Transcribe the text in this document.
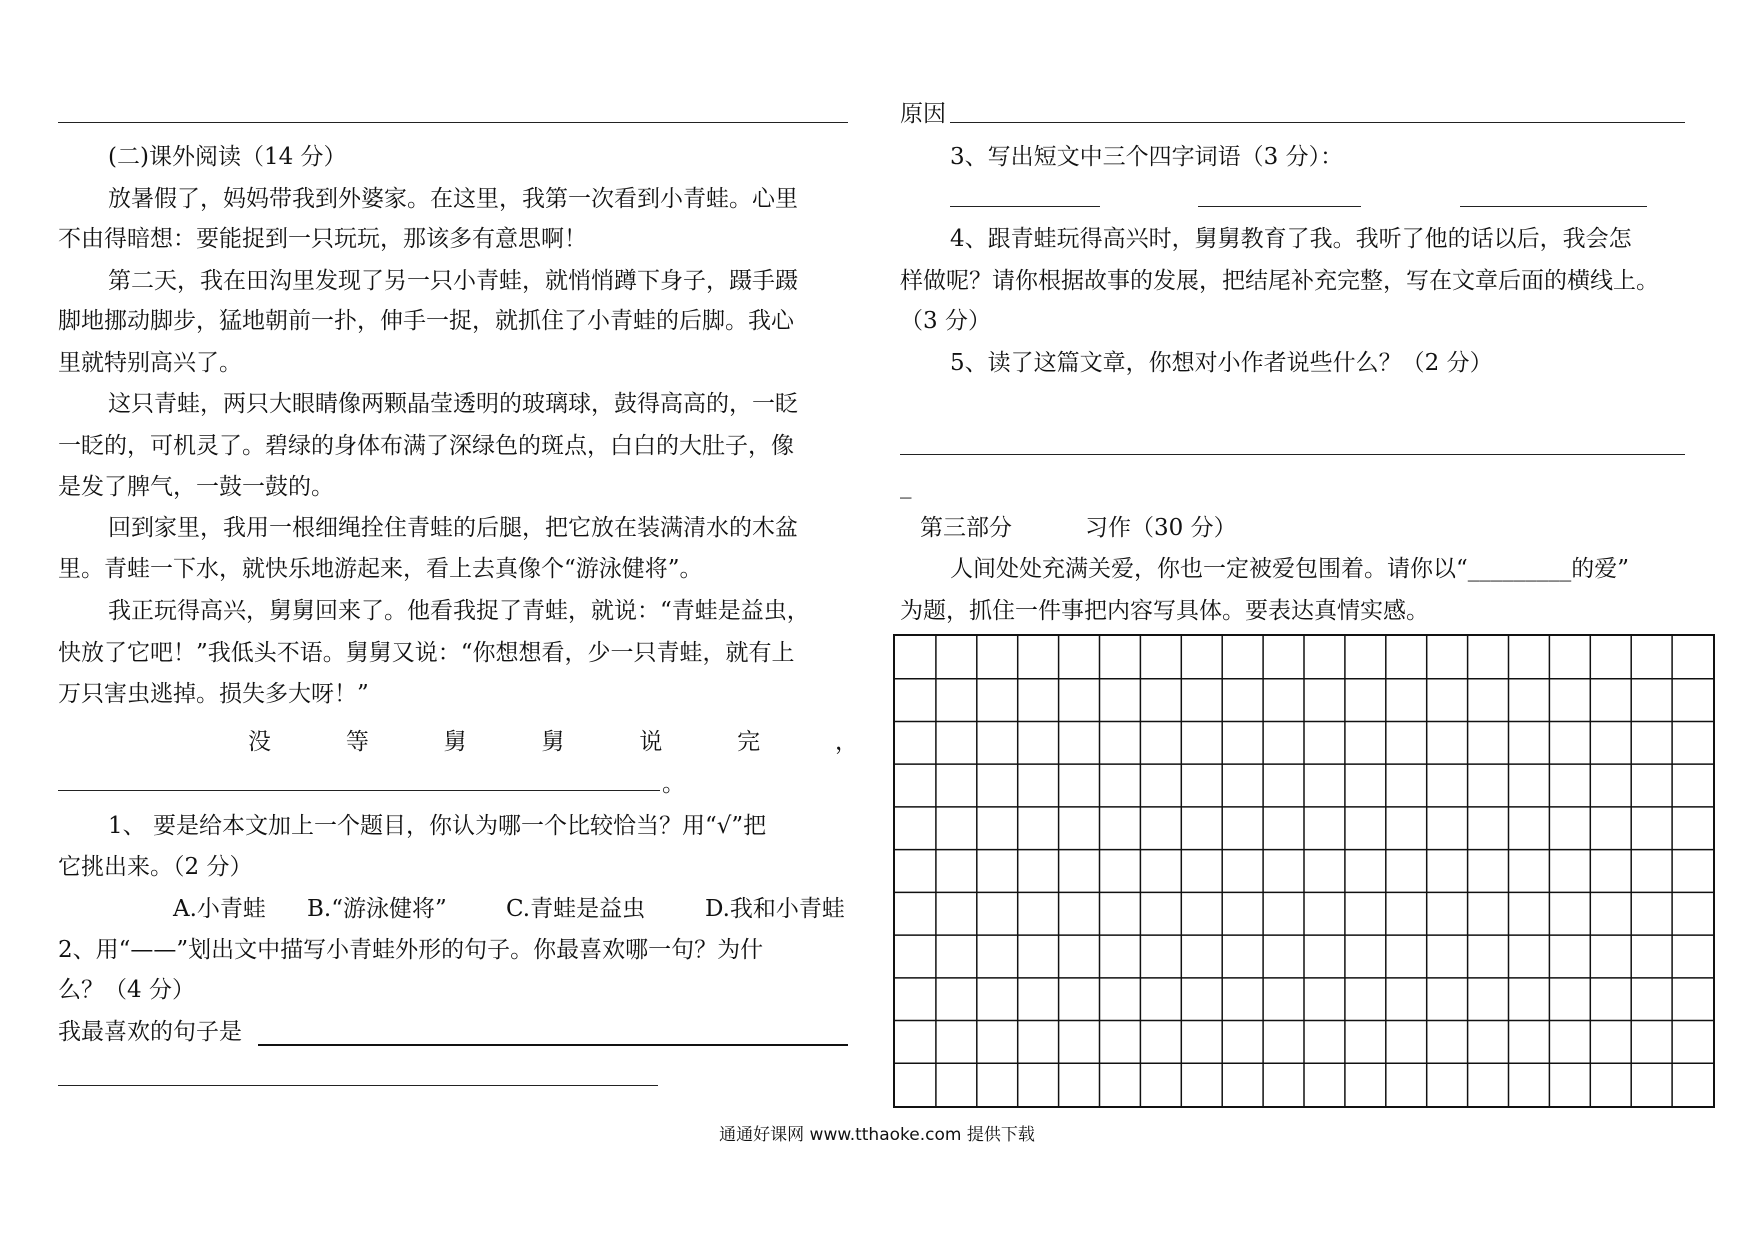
(二)课外阅读（14 分）
放暑假了，妈妈带我到外婆家。在这里，我第一次看到小青蛙。心里
不由得暗想：要能捉到一只玩玩，那该多有意思啊！
第二天，我在田沟里发现了另一只小青蛙，就悄悄蹲下身子，蹑手蹑
脚地挪动脚步，猛地朝前一扑，伸手一捉，就抓住了小青蛙的后脚。我心
里就特别高兴了。
这只青蛙，两只大眼睛像两颗晶莹透明的玻璃球，鼓得高高的，一眨
一眨的，可机灵了。碧绿的身体布满了深绿色的斑点，白白的大肚子，像
是发了脾气，一鼓一鼓的。
回到家里，我用一根细绳拴住青蛙的后腿，把它放在装满清水的木盆
里。青蛙一下水，就快乐地游起来，看上去真像个“游泳健将”。
我正玩得高兴，舅舅回来了。他看我捉了青蛙，就说：“青蛙是益虫，
快放了它吧！”我低头不语。舅舅又说：“你想想看，少一只青蛙，就有上
万只害虫逃掉。损失多大呀！”
没	等	舅	舅	说	完	，
。
1、 要是给本文加上一个题目，你认为哪一个比较恰当？用“√”把
它挑出来。（2 分）
A.小青蛙 B.“游泳健将”	C.青蛙是益虫	D.我和小青蛙
2、用“——”划出文中描写小青蛙外形的句子。你最喜欢哪一句？为什
么？（4 分）
我最喜欢的句子是
原因
3、写出短文中三个四字词语（3 分）：
4、跟青蛙玩得高兴时，舅舅教育了我。我听了他的话以后，我会怎
样做呢？请你根据故事的发展，把结尾补充完整，写在文章后面的横线上。
（3 分）
5、读了这篇文章，你想对小作者说些什么？（2 分）
_
第三部分	习作（30 分）
人间处处充满关爱，你也一定被爱包围着。请你以“_________的爱”
为题，抓住一件事把内容写具体。要表达真情实感。
通通好课网 www.tthaoke.com 提供下载
